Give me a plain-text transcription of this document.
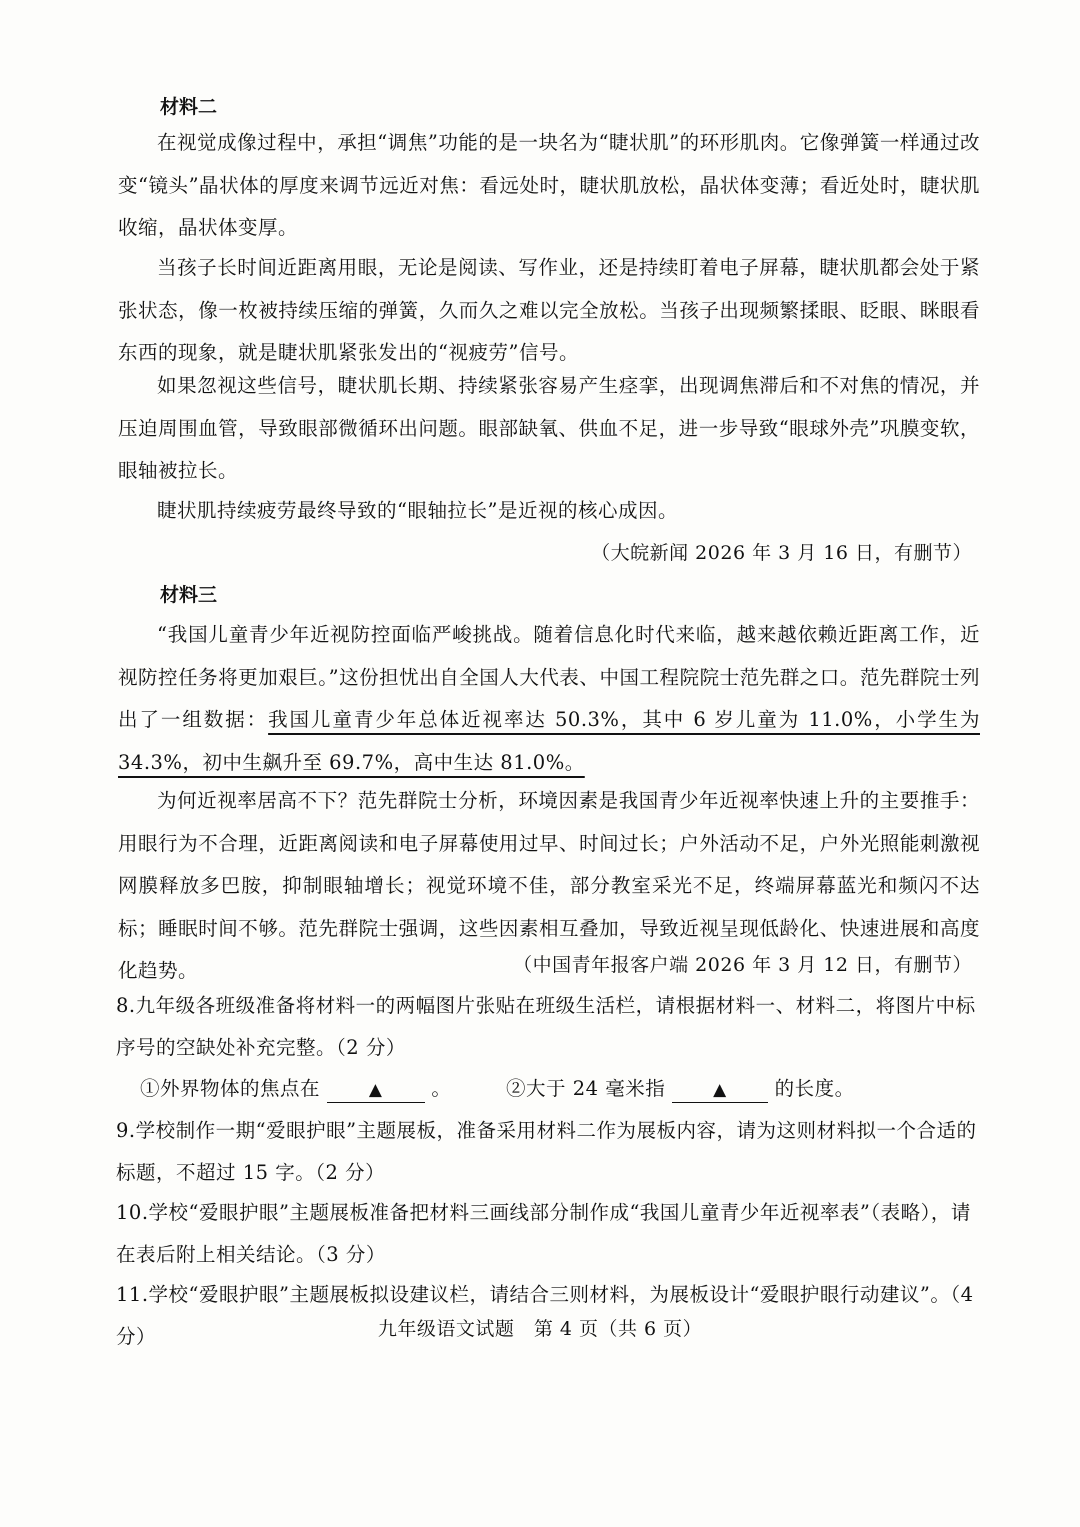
材料二
在视觉成像过程中，承担“调焦”功能的是一块名为“睫状肌”的环形肌肉。它像弹簧一样通过改变“镜头”晶状体的厚度来调节远近对焦：看远处时，睫状肌放松，晶状体变薄；看近处时，睫状肌收缩，晶状体变厚。
当孩子长时间近距离用眼，无论是阅读、写作业，还是持续盯着电子屏幕，睫状肌都会处于紧张状态，像一枚被持续压缩的弹簧，久而久之难以完全放松。当孩子出现频繁揉眼、眨眼、眯眼看东西的现象，就是睫状肌紧张发出的“视疲劳”信号。
如果忽视这些信号，睫状肌长期、持续紧张容易产生痉挛，出现调焦滞后和不对焦的情况，并压迫周围血管，导致眼部微循环出问题。眼部缺氧、供血不足，进一步导致“眼球外壳”巩膜变软，眼轴被拉长。
睫状肌持续疲劳最终导致的“眼轴拉长”是近视的核心成因。
（大皖新闻 2026 年 3 月 16 日，有删节）
材料三
“我国儿童青少年近视防控面临严峻挑战。随着信息化时代来临，越来越依赖近距离工作，近视防控任务将更加艰巨。”这份担忧出自全国人大代表、中国工程院院士范先群之口。范先群院士列出了一组数据：我国儿童青少年总体近视率达 50.3%，其中 6 岁儿童为 11.0%，小学生为 34.3%，初中生飙升至 69.7%，高中生达 81.0%。
为何近视率居高不下？范先群院士分析，环境因素是我国青少年近视率快速上升的主要推手：用眼行为不合理，近距离阅读和电子屏幕使用过早、时间过长；户外活动不足，户外光照能刺激视网膜释放多巴胺，抑制眼轴增长；视觉环境不佳，部分教室采光不足，终端屏幕蓝光和频闪不达标；睡眠时间不够。范先群院士强调，这些因素相互叠加，导致近视呈现低龄化、快速进展和高度化趋势。	（中国青年报客户端 2026 年 3 月 12 日，有删节）
8.九年级各班级准备将材料一的两幅图片张贴在班级生活栏，请根据材料一、材料二，将图片中标序号的空缺处补充完整。（2 分）
①外界物体的焦点在	▲	。	②大于 24 毫米指	▲ 的长度。
9.学校制作一期“爱眼护眼”主题展板，准备采用材料二作为展板内容，请为这则材料拟一个合适的标题，不超过 15 字。（2 分）
10.学校“爱眼护眼”主题展板准备把材料三画线部分制作成“我国儿童青少年近视率表”（表略），请在表后附上相关结论。（3 分）
11.学校“爱眼护眼”主题展板拟设建议栏，请结合三则材料，为展板设计“爱眼护眼行动建议”。（4 分）	九年级语文试题　第 4 页（共 6 页）
